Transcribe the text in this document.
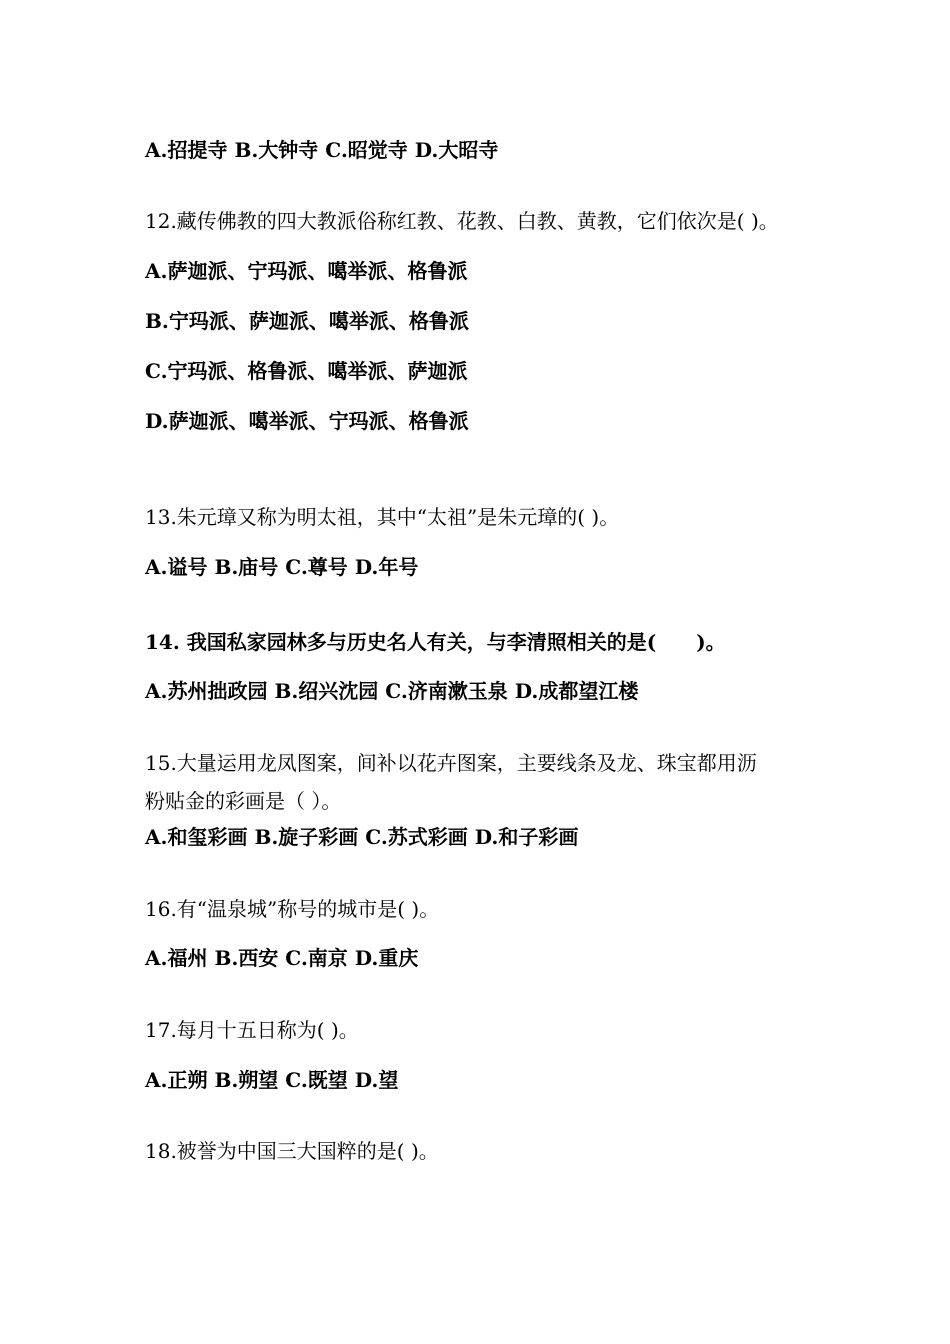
A.招提寺 B.大钟寺 C.昭觉寺 D.大昭寺
12.藏传佛教的四大教派俗称红教、花教、白教、黄教，它们依次是( )。
A.萨迦派、宁玛派、噶举派、格鲁派
B.宁玛派、萨迦派、噶举派、格鲁派
C.宁玛派、格鲁派、噶举派、萨迦派
D.萨迦派、噶举派、宁玛派、格鲁派
13.朱元璋又称为明太祖，其中“太祖”是朱元璋的( )。
A.谥号 B.庙号 C.尊号 D.年号
14. 我国私家园林多与历史名人有关，与李清照相关的是(　　)。
A.苏州拙政园 B.绍兴沈园 C.济南漱玉泉 D.成都望江楼
15.大量运用龙凤图案，间补以花卉图案，主要线条及龙、珠宝都用沥
粉贴金的彩画是（ ）。
A.和玺彩画 B.旋子彩画 C.苏式彩画 D.和子彩画
16.有“温泉城”称号的城市是( )。
A.福州 B.西安 C.南京 D.重庆
17.每月十五日称为( )。
A.正朔 B.朔望 C.既望 D.望
18.被誉为中国三大国粹的是( )。
